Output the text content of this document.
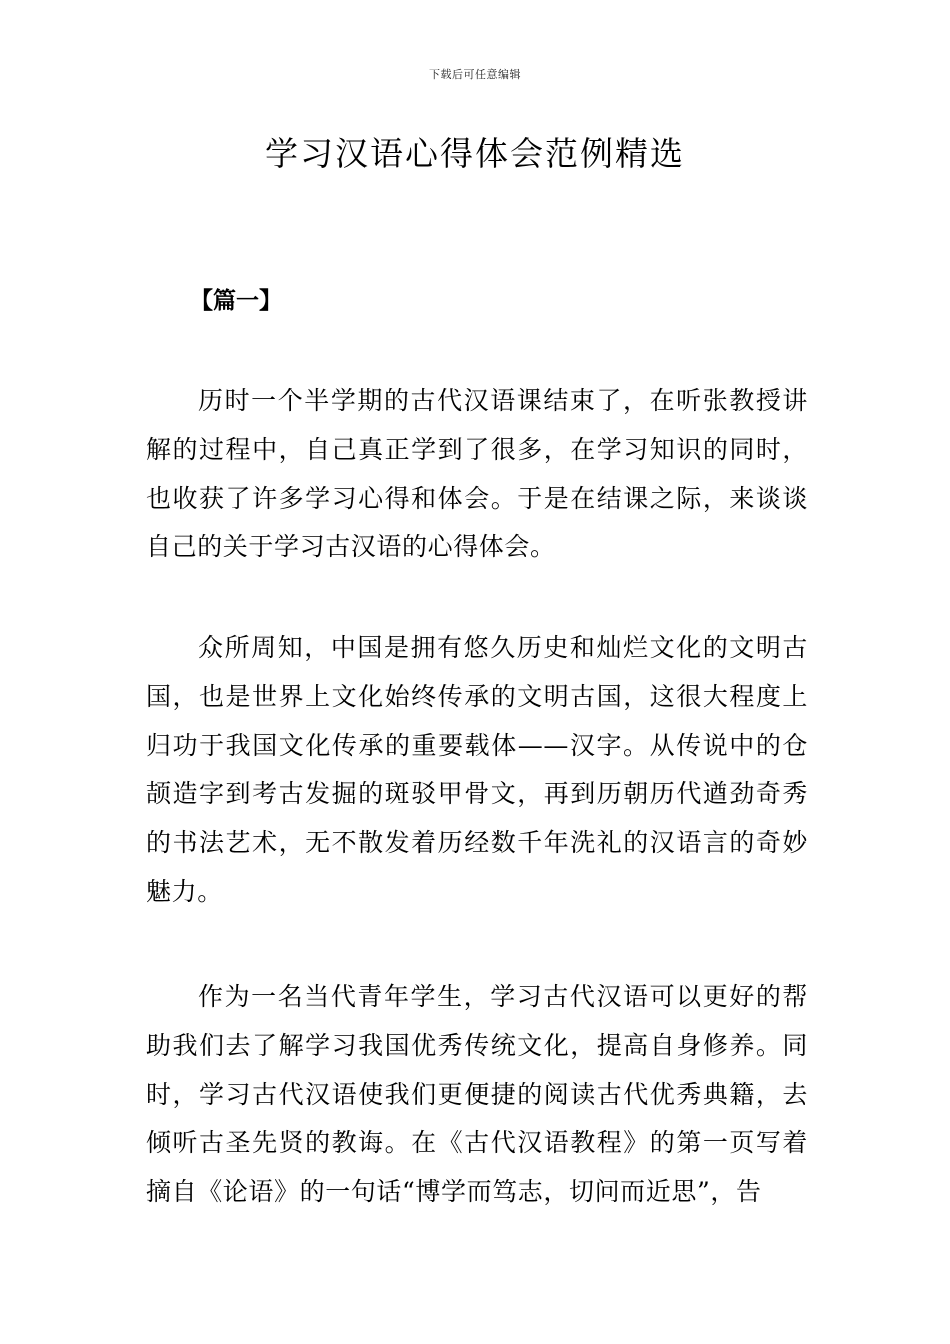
下载后可任意编辑
学习汉语心得体会范例精选
【篇一】

历时一个半学期的古代汉语课结束了，在听张教授讲解的过程中，自己真正学到了很多，在学习知识的同时，也收获了许多学习心得和体会。于是在结课之际，来谈谈自己的关于学习古汉语的心得体会。

众所周知，中国是拥有悠久历史和灿烂文化的文明古国，也是世界上文化始终传承的文明古国，这很大程度上归功于我国文化传承的重要载体——汉字。从传说中的仓颉造字到考古发掘的斑驳甲骨文，再到历朝历代遒劲奇秀的书法艺术，无不散发着历经数千年洗礼的汉语言的奇妙魅力。

作为一名当代青年学生，学习古代汉语可以更好的帮助我们去了解学习我国优秀传统文化，提高自身修养。同时，学习古代汉语使我们更便捷的阅读古代优秀典籍，去倾听古圣先贤的教诲。在《古代汉语教程》的第一页写着摘自《论语》的一句话“博学而笃志，切问而近思”，告
